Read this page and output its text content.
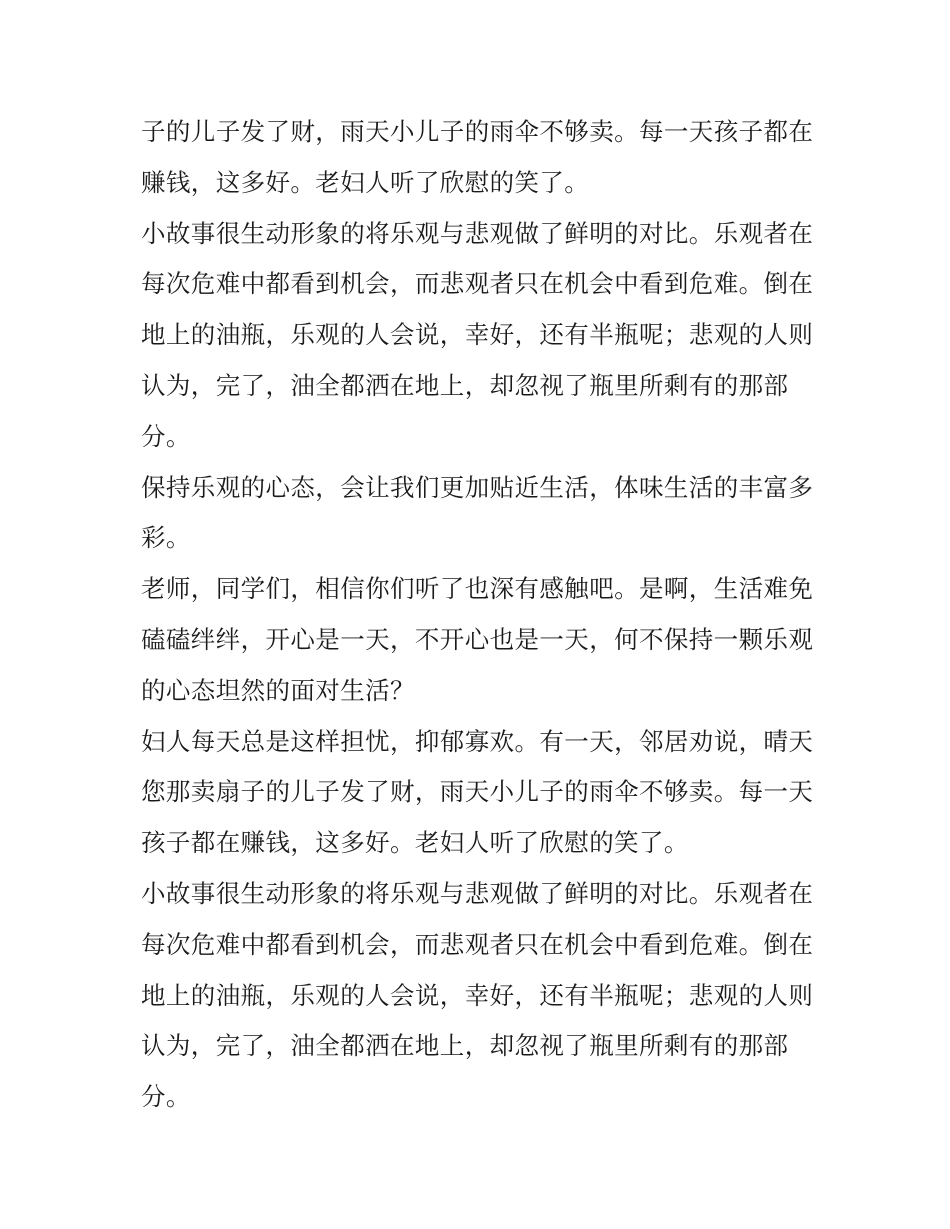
子的儿子发了财，雨天小儿子的雨伞不够卖。每一天孩子都在
赚钱，这多好。老妇人听了欣慰的笑了。
小故事很生动形象的将乐观与悲观做了鲜明的对比。乐观者在
每次危难中都看到机会，而悲观者只在机会中看到危难。倒在
地上的油瓶，乐观的人会说，幸好，还有半瓶呢；悲观的人则
认为，完了，油全都洒在地上，却忽视了瓶里所剩有的那部
分。
保持乐观的心态，会让我们更加贴近生活，体味生活的丰富多
彩。
老师，同学们，相信你们听了也深有感触吧。是啊，生活难免
磕磕绊绊，开心是一天，不开心也是一天，何不保持一颗乐观
的心态坦然的面对生活？
妇人每天总是这样担忧，抑郁寡欢。有一天，邻居劝说，晴天
您那卖扇子的儿子发了财，雨天小儿子的雨伞不够卖。每一天
孩子都在赚钱，这多好。老妇人听了欣慰的笑了。
小故事很生动形象的将乐观与悲观做了鲜明的对比。乐观者在
每次危难中都看到机会，而悲观者只在机会中看到危难。倒在
地上的油瓶，乐观的人会说，幸好，还有半瓶呢；悲观的人则
认为，完了，油全都洒在地上，却忽视了瓶里所剩有的那部
分。
